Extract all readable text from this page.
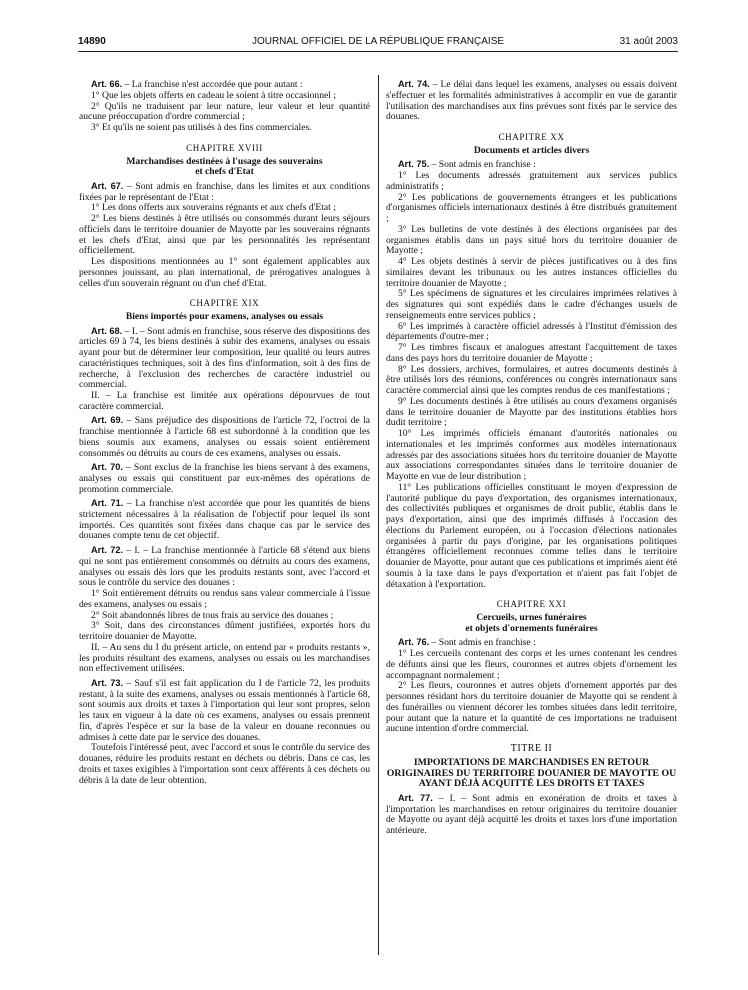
14890	JOURNAL OFFICIEL DE LA RÉPUBLIQUE FRANÇAISE	31 août 2003

Art. 66. – La franchise n'est accordée que pour autant :

1° Que les objets offerts en cadeau le soient à titre occasionnel ;

2° Qu'ils ne traduisent par leur nature, leur valeur et leur quantité aucune préoccupation d'ordre commercial ;

3° Et qu'ils ne soient pas utilisés à des fins commerciales.

CHAPITRE XVIII
Marchandises destinées à l'usage des souverains
et chefs d'Etat

Art. 67. – Sont admis en franchise, dans les limites et aux conditions fixées par le représentant de l'Etat :

1° Les dons offerts aux souverains régnants et aux chefs d'Etat ;

2° Les biens destinés à être utilisés ou consommés durant leurs séjours officiels dans le territoire douanier de Mayotte par les souverains régnants et les chefs d'Etat, ainsi que par les personnalités les représentant officiellement.

Les dispositions mentionnées au 1° sont également applicables aux personnes jouissant, au plan international, de prérogatives analogues à celles d'un souverain régnant ou d'un chef d'Etat.

CHAPITRE XIX
Biens importés pour examens, analyses ou essais

Art. 68. – I. – Sont admis en franchise, sous réserve des dispositions des articles 69 à 74, les biens destinés à subir des examens, analyses ou essais ayant pour but de déterminer leur composition, leur qualité ou leurs autres caractéristiques techniques, soit à des fins d'information, soit à des fins de recherche, à l'exclusion des recherches de caractère industriel ou commercial.

II. – La franchise est limitée aux opérations dépourvues de tout caractère commercial.

Art. 69. – Sans préjudice des dispositions de l'article 72, l'octroi de la franchise mentionnée à l'article 68 est subordonné à la condition que les biens soumis aux examens, analyses ou essais soient entièrement consommés ou détruits au cours de ces examens, analyses ou essais.

Art. 70. – Sont exclus de la franchise les biens servant à des examens, analyses ou essais qui constituent par eux-mêmes des opérations de promotion commerciale.

Art. 71. – La franchise n'est accordée que pour les quantités de biens strictement nécessaires à la réalisation de l'objectif pour lequel ils sont importés. Ces quantités sont fixées dans chaque cas par le service des douanes compte tenu de cet objectif.

Art. 72. – I. – La franchise mentionnée à l'article 68 s'étend aux biens qui ne sont pas entièrement consommés ou détruits au cours des examens, analyses ou essais dès lors que les produits restants sont, avec l'accord et sous le contrôle du service des douanes :

1° Soit entièrement détruits ou rendus sans valeur commerciale à l'issue des examens, analyses ou essais ;

2° Soit abandonnés libres de tous frais au service des douanes ;

3° Soit, dans des circonstances dûment justifiées, exportés hors du territoire douanier de Mayotte.

II. – Au sens du I du présent article, on entend par « produits restants », les produits résultant des examens, analyses ou essais ou les marchandises non effectivement utilisées.

Art. 73. – Sauf s'il est fait application du I de l'article 72, les produits restant, à la suite des examens, analyses ou essais mentionnés à l'article 68, sont soumis aux droits et taxes à l'importation qui leur sont propres, selon les taux en vigueur à la date où ces examens, analyses ou essais prennent fin, d'après l'espèce et sur la base de la valeur en douane reconnues ou admises à cette date par le service des douanes.

Toutefois l'intéressé peut, avec l'accord et sous le contrôle du service des douanes, réduire les produits restant en déchets ou débris. Dans ce cas, les droits et taxes exigibles à l'importation sont ceux afférents à ces déchets ou débris à la date de leur obtention.

Art. 74. – Le délai dans lequel les examens, analyses ou essais doivent s'effectuer et les formalités administratives à accomplir en vue de garantir l'utilisation des marchandises aux fins prévues sont fixés par le service des douanes.

CHAPITRE XX
Documents et articles divers

Art. 75. – Sont admis en franchise :

1° Les documents adressés gratuitement aux services publics administratifs ;

2° Les publications de gouvernements étrangers et les publications d'organismes officiels internationaux destinés à être distribués gratuitement ;

3° Les bulletins de vote destinés à des élections organisées par des organismes établis dans un pays situé hors du territoire douanier de Mayotte ;

4° Les objets destinés à servir de pièces justificatives ou à des fins similaires devant les tribunaux ou les autres instances officielles du territoire douanier de Mayotte ;

5° Les spécimens de signatures et les circulaires imprimées relatives à des signatures qui sont expédiés dans le cadre d'échanges usuels de renseignements entre services publics ;

6° Les imprimés à caractère officiel adressés à l'Institut d'émission des départements d'outre-mer ;

7° Les timbres fiscaux et analogues attestant l'acquittement de taxes dans des pays hors du territoire douanier de Mayotte ;

8° Les dossiers, archives, formulaires, et autres documents destinés à être utilisés lors des réunions, conférences ou congrès internationaux sans caractère commercial ainsi que les comptes rendus de ces manifestations ;

9° Les documents destinés à être utilisés au cours d'examens organisés dans le territoire douanier de Mayotte par des institutions établies hors dudit territoire ;

10° Les imprimés officiels émanant d'autorités nationales ou internationales et les imprimés conformes aux modèles internationaux adressés par des associations situées hors du territoire douanier de Mayotte aux associations correspondantes situées dans le territoire douanier de Mayotte en vue de leur distribution ;

11° Les publications officielles constituant le moyen d'expression de l'autorité publique du pays d'exportation, des organismes internationaux, des collectivités publiques et organismes de droit public, établis dans le pays d'exportation, ainsi que des imprimés diffusés à l'occasion des élections du Parlement européen, ou à l'occasion d'élections nationales organisées à partir du pays d'origine, par les organisations politiques étrangères officiellement reconnues comme telles dans le territoire douanier de Mayotte, pour autant que ces publications et imprimés aient été soumis à la taxe dans le pays d'exportation et n'aient pas fait l'objet de détaxation à l'exportation.

CHAPITRE XXI
Cercueils, urnes funéraires
et objets d'ornements funéraires

Art. 76. – Sont admis en franchise :

1° Les cercueils contenant des corps et les urnes contenant les cendres de défunts ainsi que les fleurs, couronnes et autres objets d'ornement les accompagnant normalement ;

2° Les fleurs, couronnes et autres objets d'ornement apportés par des personnes résidant hors du territoire douanier de Mayotte qui se rendent à des funérailles ou viennent décorer les tombes situées dans ledit territoire, pour autant que la nature et la quantité de ces importations ne traduisent aucune intention d'ordre commercial.

TITRE II
IMPORTATIONS DE MARCHANDISES EN RETOUR ORIGINAIRES DU TERRITOIRE DOUANIER DE MAYOTTE OU AYANT DÉJÀ ACQUITTÉ LES DROITS ET TAXES

Art. 77. – I. – Sont admis en exonération de droits et taxes à l'importation les marchandises en retour originaires du territoire douanier de Mayotte ou ayant déjà acquitté les droits et taxes lors d'une importation antérieure.
